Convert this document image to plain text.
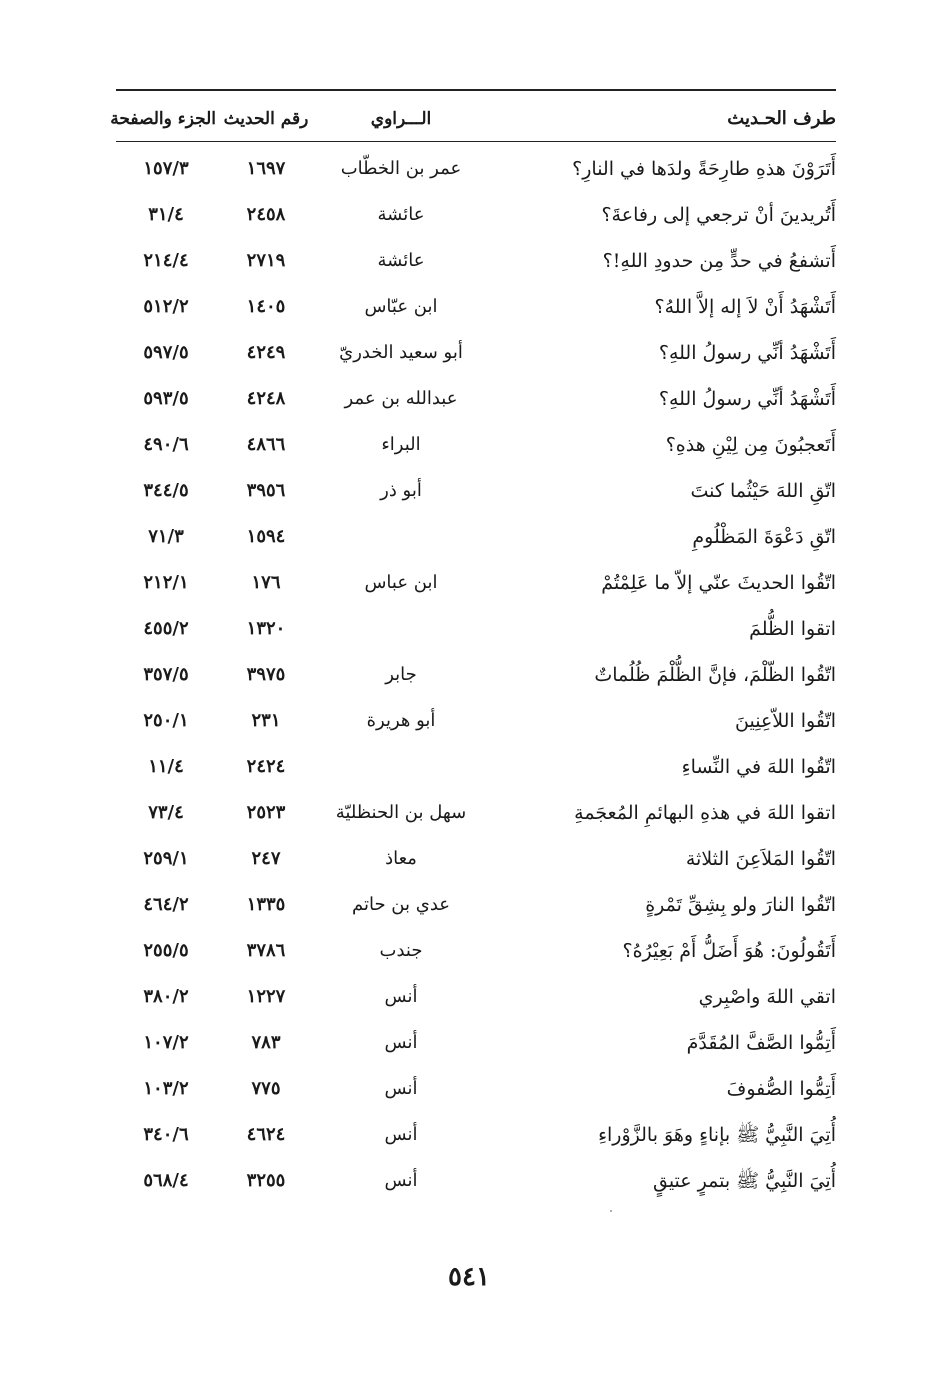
طرف الحـديث
الـــراوي
رقم الحديث
الجزء والصفحة
أَتَرَوْنَ هذهِ طارِحَةً ولدَها في النارِ؟
عمر بن الخطّاب
١٦٩٧
١٥٧/٣
أَتُريدينَ أنْ ترجعي إلى رفاعةَ؟
عائشة
٢٤٥٨
٣١/٤
أَتشفعُ في حدٍّ مِن حدودِ اللهِ!؟
عائشة
٢٧١٩
٢١٤/٤
أَتَشْهَدُ أَنْ لاَ إله إلاَّ اللهُ؟
ابن عبّاس
١٤٠٥
٥١٢/٢
أَتَشْهَدُ أنِّي رسولُ اللهِ؟
أبو سعيد الخدريّ
٤٢٤٩
٥٩٧/٥
أَتَشْهَدُ أنِّي رسولُ اللهِ؟
عبدالله بن عمر
٤٢٤٨
٥٩٣/٥
أَتَعجبُونَ مِن لِيْنِ هذهِ؟
البراء
٤٨٦٦
٤٩٠/٦
اتّقِ اللهَ حَيْثُما كنتَ
أبو ذر
٣٩٥٦
٣٤٤/٥
اتّقِ دَعْوَةَ المَظْلُومِ
١٥٩٤
٧١/٣
اتّقُوا الحديثَ عنّي إلاّ ما عَلِمْتُمْ
ابن عباس
١٧٦
٢١٢/١
اتقوا الظُّلمَ
١٣٢٠
٤٥٥/٢
اتّقُوا الظّلْمَ، فإنَّ الظُّلْمَ ظُلُماتٌ
جابر
٣٩٧٥
٣٥٧/٥
اتّقُوا اللاّعِنِينَ
أبو هريرة
٢٣١
٢٥٠/١
اتّقُوا اللهَ في النِّساءِ
٢٤٢٤
١١/٤
اتقوا اللهَ في هذهِ البهائمِ المُعجَمةِ
سهل بن الحنظليّة
٢٥٢٣
٧٣/٤
اتّقُوا المَلاَعِنَ الثلاثة
معاذ
٢٤٧
٢٥٩/١
اتّقُوا النارَ ولو بِشِقِّ تَمْرةٍ
عدي بن حاتم
١٣٣٥
٤٦٤/٢
أَتَقُولُونَ: هُوَ أَضَلُّ أَمْ بَعِيْرُهُ؟
جندب
٣٧٨٦
٢٥٥/٥
اتقي اللهَ واصْبِري
أنس
١٢٢٧
٣٨٠/٢
أَتِمُّوا الصَّفَّ المُقَدَّمَ
أنس
٧٨٣
١٠٧/٢
أَتِمُّوا الصُّفوفَ
أنس
٧٧٥
١٠٣/٢
أُتِيَ النَّبِيُّ ﷺ بإناءٍ وهَوَ بالزَّوْراءِ
أنس
٤٦٢٤
٣٤٠/٦
أُتِيَ النَّبِيُّ ﷺ بتمرٍ عتيقٍ
أنس
٣٢٥٥
٥٦٨/٤
٥٤١
